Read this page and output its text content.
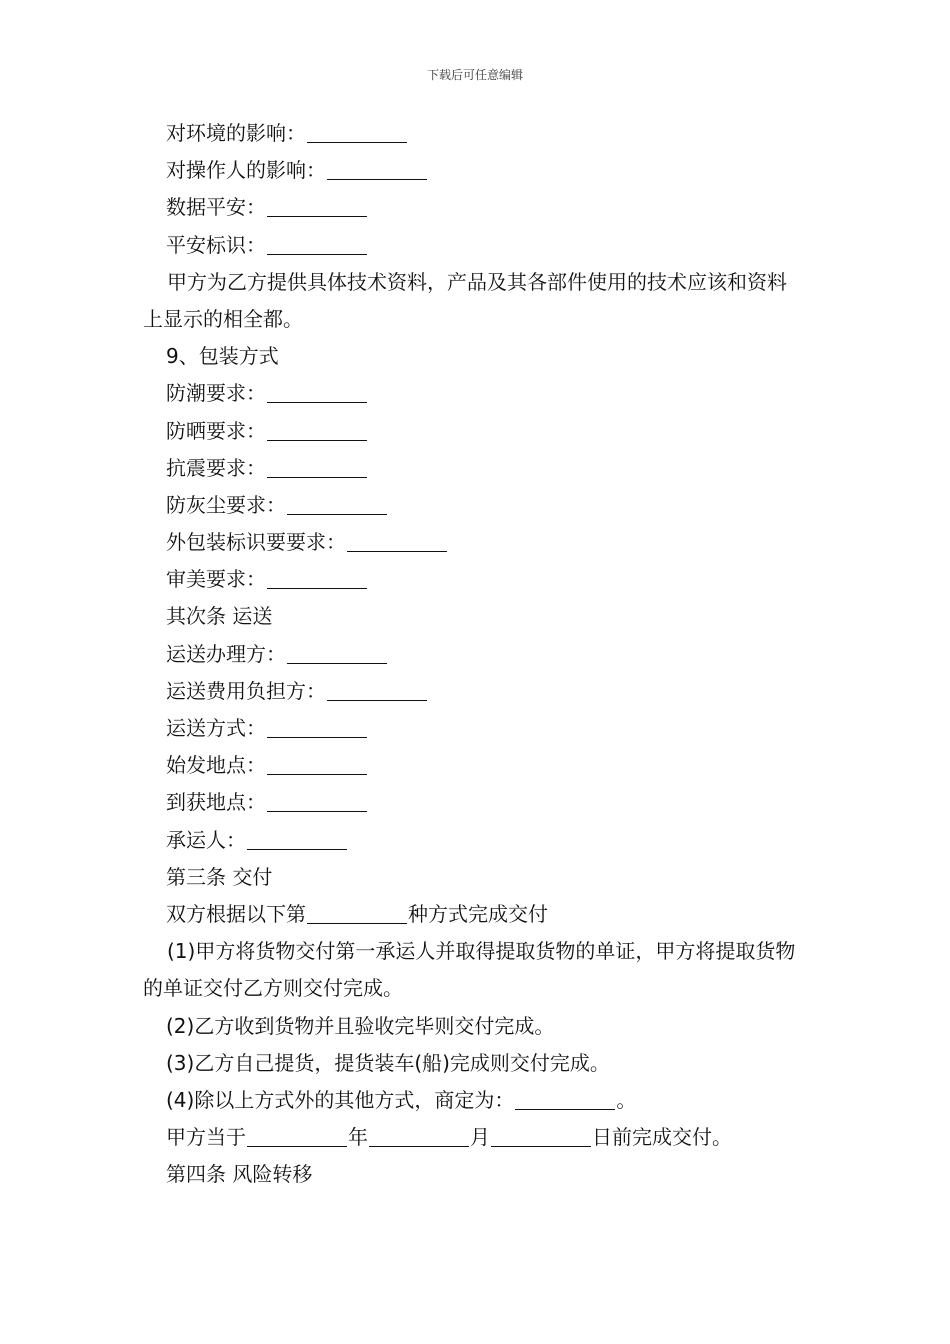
下载后可任意编辑
对环境的影响：
对操作人的影响：
数据平安：
平安标识：
甲方为乙方提供具体技术资料，产品及其各部件使用的技术应该和资料上显示的相全都。
9、包装方式
防潮要求：
防晒要求：
抗震要求：
防灰尘要求：
外包装标识要要求：
审美要求：
其次条 运送
运送办理方：
运送费用负担方：
运送方式：
始发地点：
到获地点：
承运人：
第三条 交付
双方根据以下第	种方式完成交付
(1)甲方将货物交付第一承运人并取得提取货物的单证，甲方将提取货物的单证交付乙方则交付完成。
(2)乙方收到货物并且验收完毕则交付完成。
(3)乙方自己提货，提货装车(船)完成则交付完成。
(4)除以上方式外的其他方式，商定为：	。
甲方当于	年	月	日前完成交付。
第四条 风险转移
